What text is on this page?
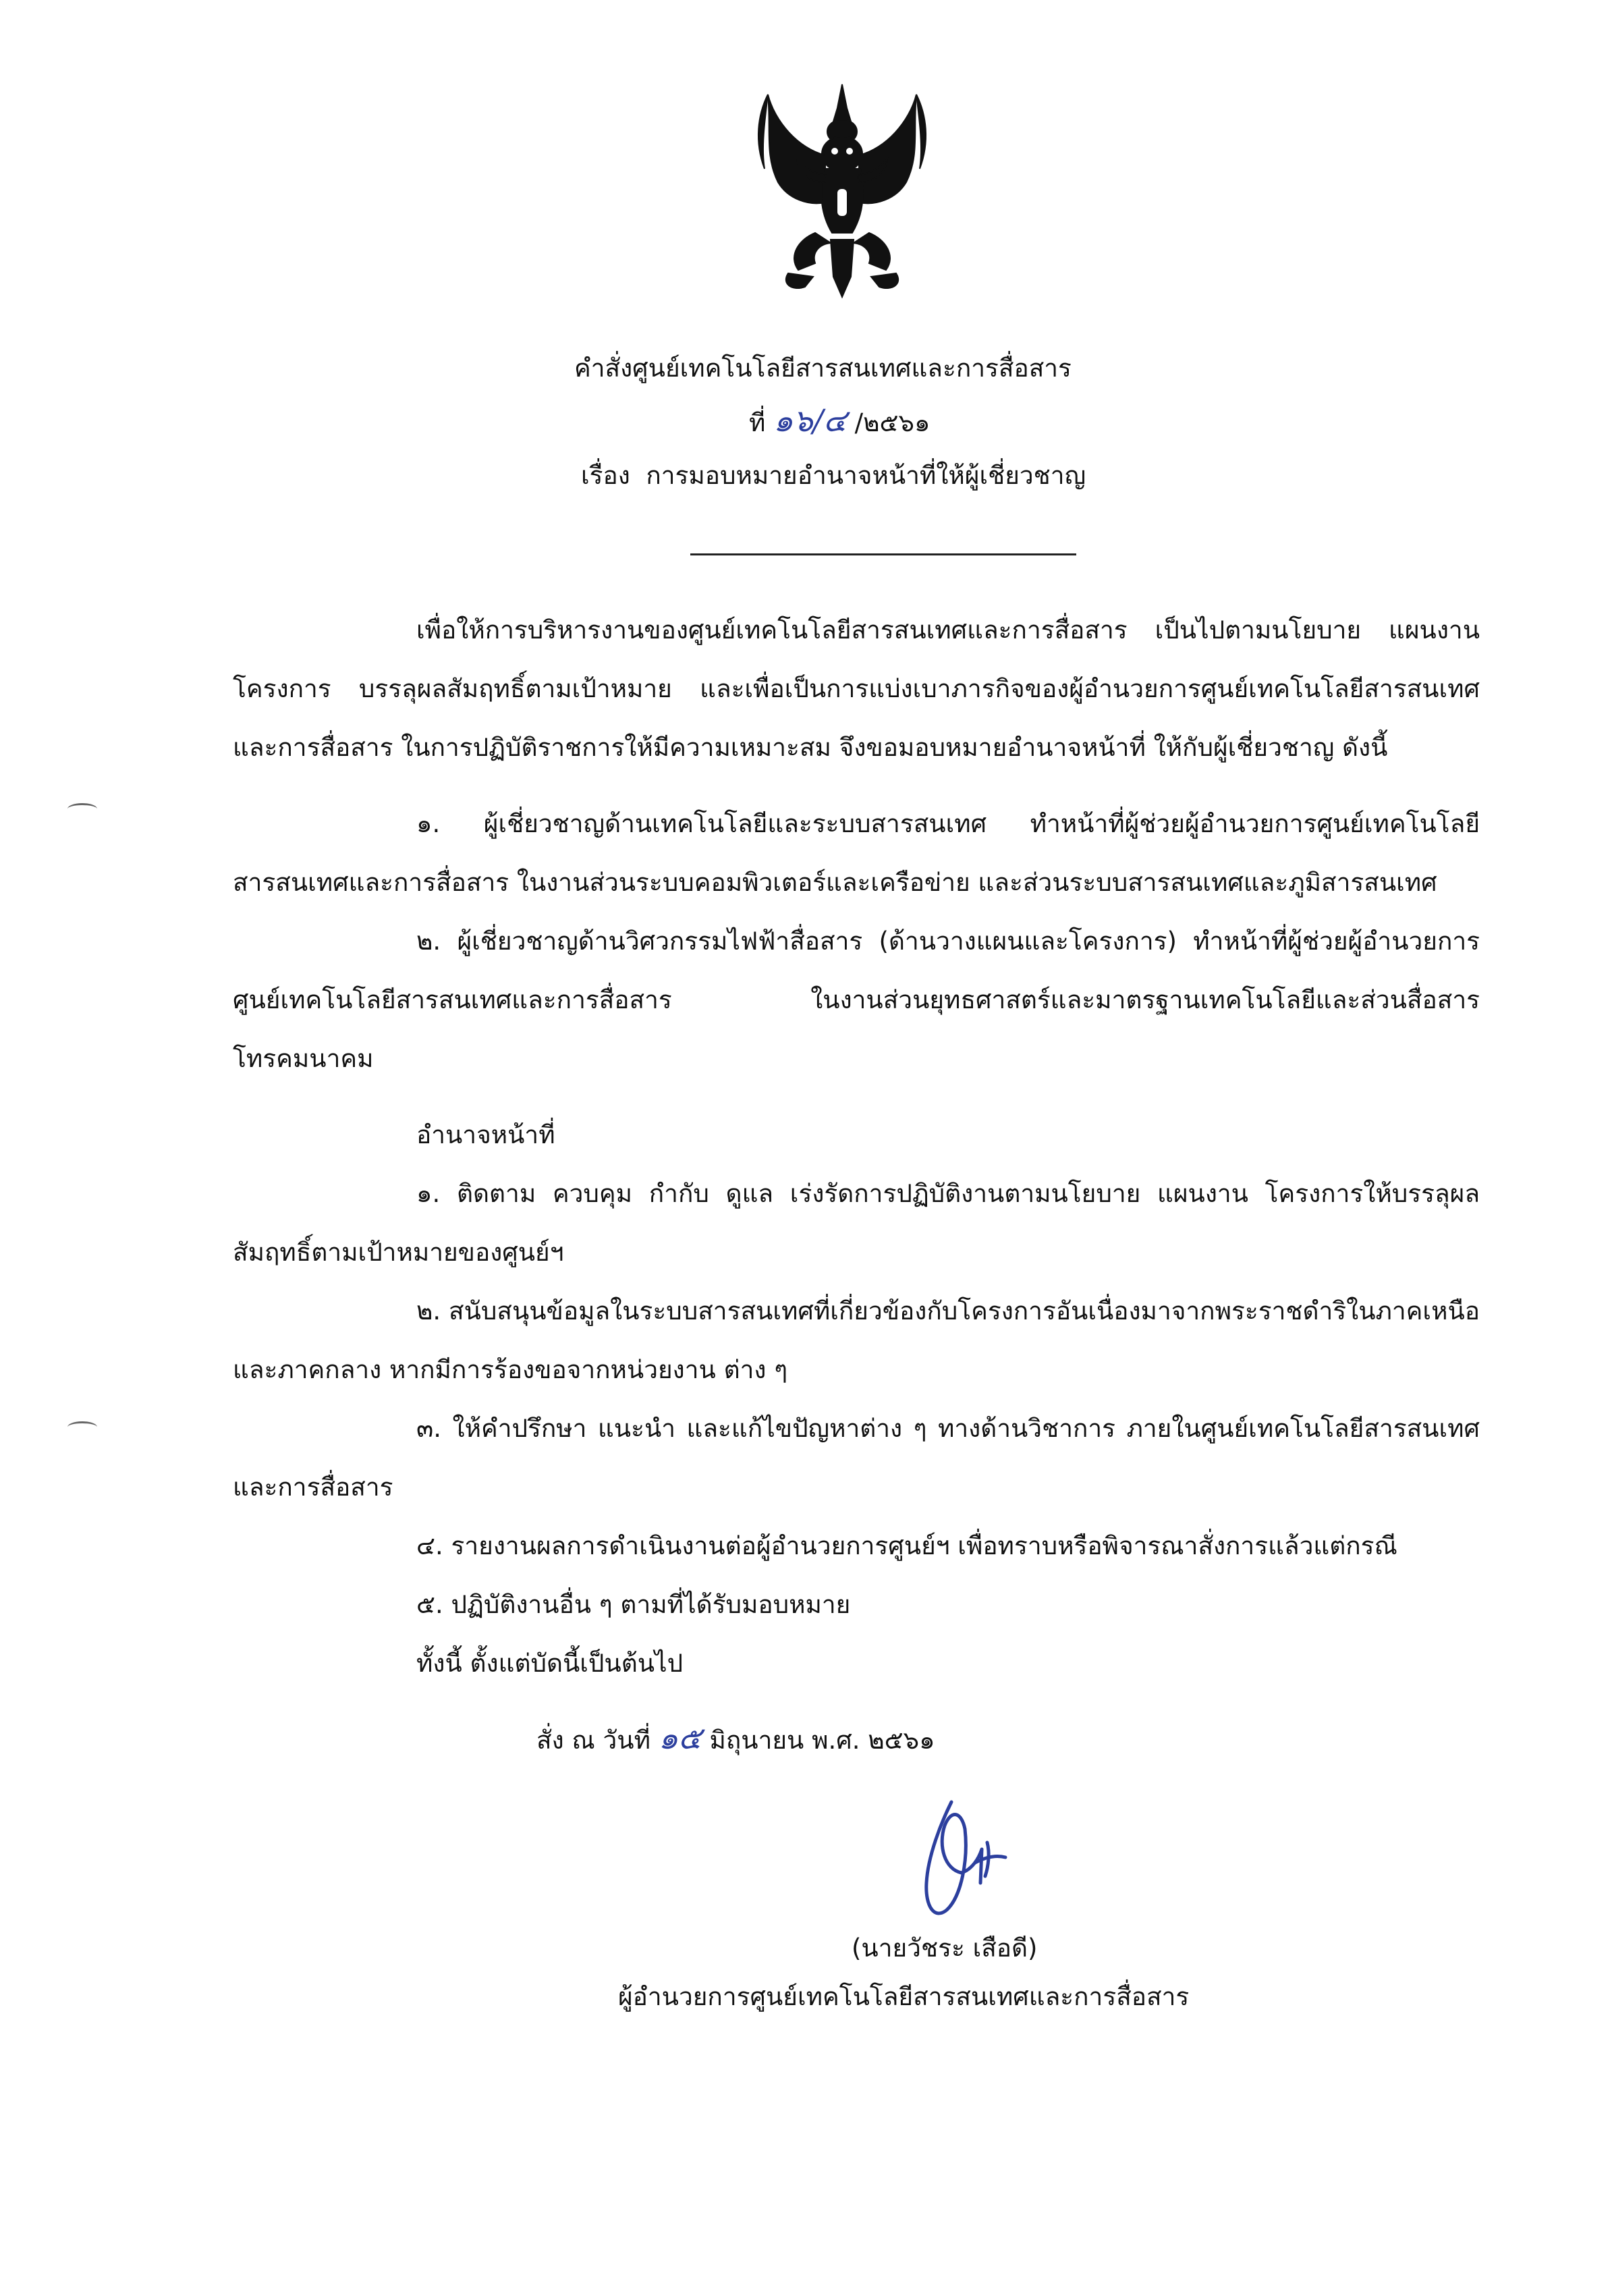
คำสั่งศูนย์เทคโนโลยีสารสนเทศและการสื่อสาร
ที่ ๑๖/๔ /๒๕๖๑
เรื่อง การมอบหมายอำนาจหน้าที่ให้ผู้เชี่ยวชาญ

เพื่อให้การบริหารงานของศูนย์เทคโนโลยีสารสนเทศและการสื่อสาร เป็นไปตามนโยบาย แผนงาน โครงการ บรรลุผลสัมฤทธิ์ตามเป้าหมาย และเพื่อเป็นการแบ่งเบาภารกิจของผู้อำนวยการศูนย์เทคโนโลยีสารสนเทศและการสื่อสาร ในการปฏิบัติราชการให้มีความเหมาะสม จึงขอมอบหมายอำนาจหน้าที่ ให้กับผู้เชี่ยวชาญ ดังนี้

๑. ผู้เชี่ยวชาญด้านเทคโนโลยีและระบบสารสนเทศ ทำหน้าที่ผู้ช่วยผู้อำนวยการศูนย์เทคโนโลยีสารสนเทศและการสื่อสาร ในงานส่วนระบบคอมพิวเตอร์และเครือข่าย และส่วนระบบสารสนเทศและภูมิสารสนเทศ

๒. ผู้เชี่ยวชาญด้านวิศวกรรมไฟฟ้าสื่อสาร (ด้านวางแผนและโครงการ) ทำหน้าที่ผู้ช่วยผู้อำนวยการศูนย์เทคโนโลยีสารสนเทศและการสื่อสาร ในงานส่วนยุทธศาสตร์และมาตรฐานเทคโนโลยีและส่วนสื่อสารโทรคมนาคม

อำนาจหน้าที่

๑. ติดตาม ควบคุม กำกับ ดูแล เร่งรัดการปฏิบัติงานตามนโยบาย แผนงาน โครงการให้บรรลุผลสัมฤทธิ์ตามเป้าหมายของศูนย์ฯ

๒. สนับสนุนข้อมูลในระบบสารสนเทศที่เกี่ยวข้องกับโครงการอันเนื่องมาจากพระราชดำริในภาคเหนือและภาคกลาง หากมีการร้องขอจากหน่วยงาน ต่าง ๆ

๓. ให้คำปรึกษา แนะนำ และแก้ไขปัญหาต่าง ๆ ทางด้านวิชาการ ภายในศูนย์เทคโนโลยีสารสนเทศและการสื่อสาร

๔. รายงานผลการดำเนินงานต่อผู้อำนวยการศูนย์ฯ เพื่อทราบหรือพิจารณาสั่งการแล้วแต่กรณี

๕. ปฏิบัติงานอื่น ๆ ตามที่ได้รับมอบหมาย

ทั้งนี้ ตั้งแต่บัดนี้เป็นต้นไป

สั่ง ณ วันที่ ๑๕ มิถุนายน พ.ศ. ๒๕๖๑
(นายวัชระ เสือดี)
ผู้อำนวยการศูนย์เทคโนโลยีสารสนเทศและการสื่อสาร
